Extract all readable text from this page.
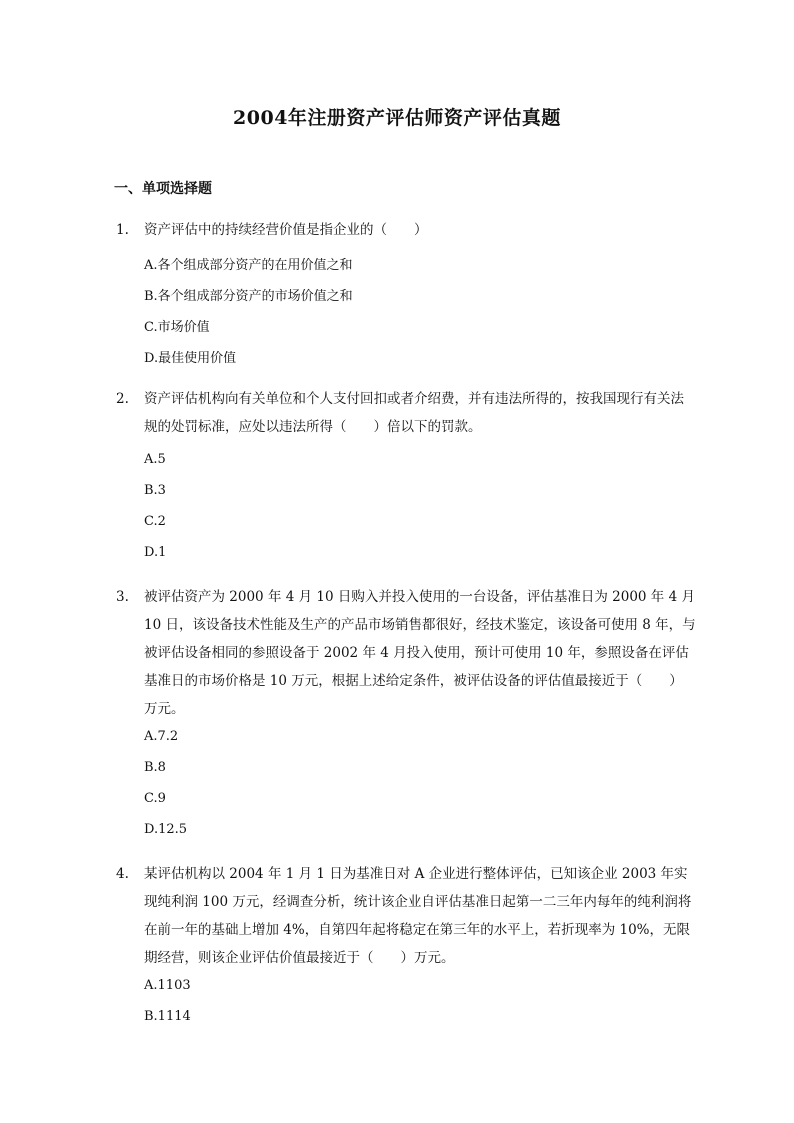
2004年注册资产评估师资产评估真题
一、单项选择题
1.	资产评估中的持续经营价值是指企业的（　　）
A.各个组成部分资产的在用价值之和
B.各个组成部分资产的市场价值之和
C.市场价值
D.最佳使用价值
2.	资产评估机构向有关单位和个人支付回扣或者介绍费，并有违法所得的，按我国现行有关法规的处罚标准，应处以违法所得（　　）倍以下的罚款。
A.5
B.3
C.2
D.1
3.	被评估资产为 2000 年 4 月 10 日购入并投入使用的一台设备，评估基准日为 2000 年 4 月 10 日，该设备技术性能及生产的产品市场销售都很好，经技术鉴定，该设备可使用 8 年，与被评估设备相同的参照设备于 2002 年 4 月投入使用，预计可使用 10 年，参照设备在评估基准日的市场价格是 10 万元，根据上述给定条件，被评估设备的评估值最接近于（　　）万元。
A.7.2
B.8
C.9
D.12.5
4.	某评估机构以 2004 年 1 月 1 日为基准日对 A 企业进行整体评估，已知该企业 2003 年实现纯利润 100 万元，经调查分析，统计该企业自评估基准日起第一二三年内每年的纯利润将在前一年的基础上增加 4%，自第四年起将稳定在第三年的水平上，若折现率为 10%，无限期经营，则该企业评估价值最接近于（　　）万元。
A.1103
B.1114
